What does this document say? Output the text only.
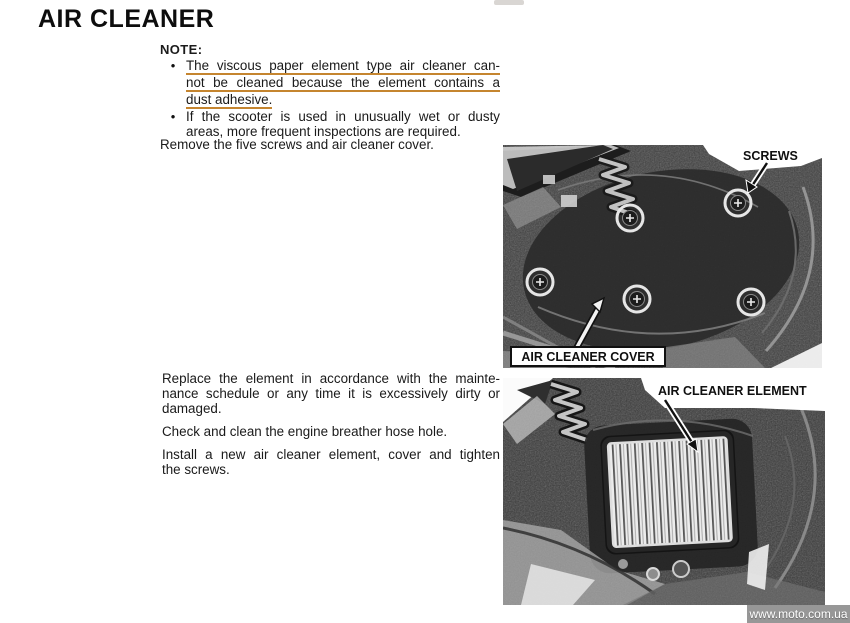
AIR CLEANER
NOTE:
• The viscous paper element type air cleaner can-
not be cleaned because the element contains a
dust adhesive.
• If the scooter is used in unusually wet or dusty
areas, more frequent inspections are required.
Remove the five screws and air cleaner cover.
Replace the element in accordance with the mainte-
nance schedule or any time it is excessively dirty or
damaged.
Check and clean the engine breather hose hole.
Install a new air cleaner element, cover and tighten
the screws.
SCREWS
AIR CLEANER COVER
AIR CLEANER ELEMENT
www.moto.com.ua
